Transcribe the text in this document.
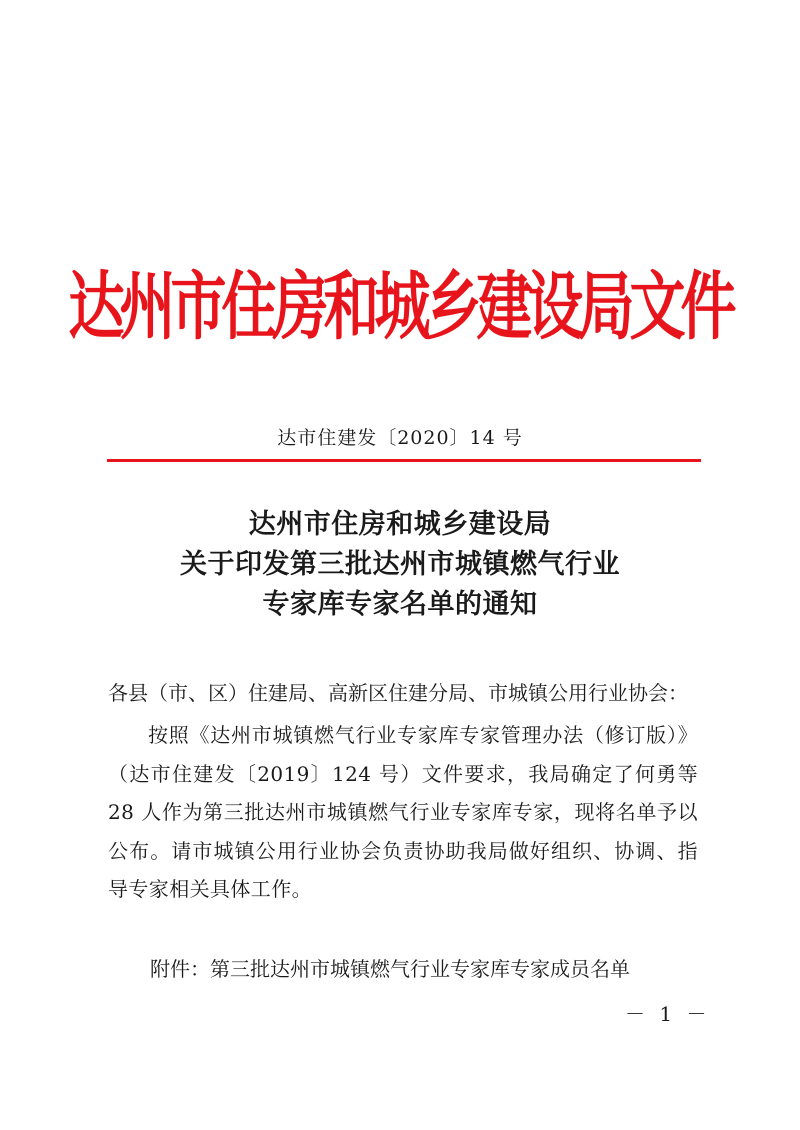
达州市住房和城乡建设局文件
达市住建发〔2020〕14 号
达州市住房和城乡建设局
关于印发第三批达州市城镇燃气行业
专家库专家名单的通知
各县（市、区）住建局、高新区住建分局、市城镇公用行业协会：
按照《达州市城镇燃气行业专家库专家管理办法（修订版）》（达市住建发〔2019〕124 号）文件要求，我局确定了何勇等 28 人作为第三批达州市城镇燃气行业专家库专家，现将名单予以公布。请市城镇公用行业协会负责协助我局做好组织、协调、指导专家相关具体工作。
附件：第三批达州市城镇燃气行业专家库专家成员名单
－ 1 －
